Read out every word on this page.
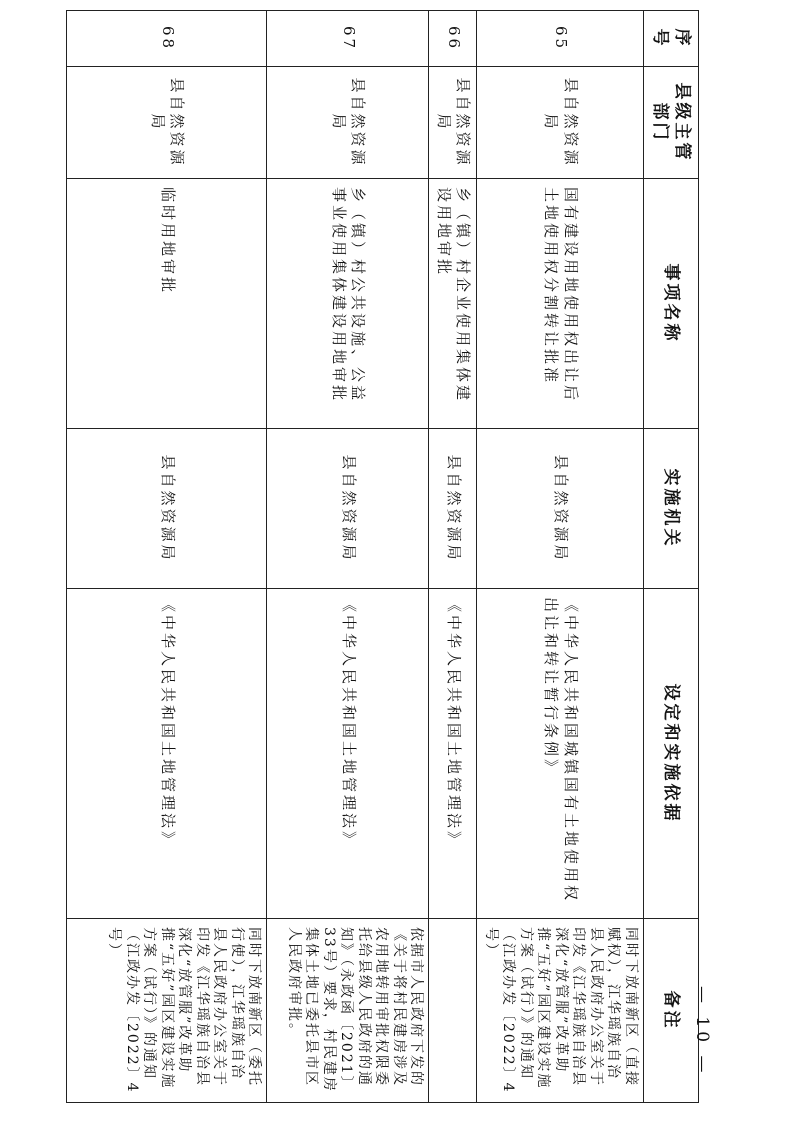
序号	县级主管部门	事项名称	实施机关	设定和实施依据	备注
65	县自然资源局	国有建设用地使用权出让后土地使用权分割转让批准	县自然资源局	《中华人民共和国城镇国有土地使用权出让和转让暂行条例》	同时下放南新区（直接赋权），江华瑶族自治县人民政府办公室关于印发《江华瑶族自治县深化“放管服”改革助推“五好”园区建设实施方案（试行）》的通知（江政办发〔2022〕4号）
66	县自然资源局	乡（镇）村企业使用集体建设用地审批	县自然资源局	《中华人民共和国土地管理法》	
67	县自然资源局	乡（镇）村公共设施、公益事业使用集体建设用地审批	县自然资源局	《中华人民共和国土地管理法》	依据市人民政府下发的《关于将村民建房涉及农用地转用审批权限委托给县级人民政府的通知》（永政函〔2021〕33号）要求，村民建房集体土地已委托县市区人民政府审批。
68	县自然资源局	临时用地审批	县自然资源局	《中华人民共和国土地管理法》	同时下放南新区（委托行使），江华瑶族自治县人民政府办公室关于印发《江华瑶族自治县深化“放管服”改革助推“五好”园区建设实施方案（试行）》的通知（江政办发〔2022〕4号）
— 10 —
